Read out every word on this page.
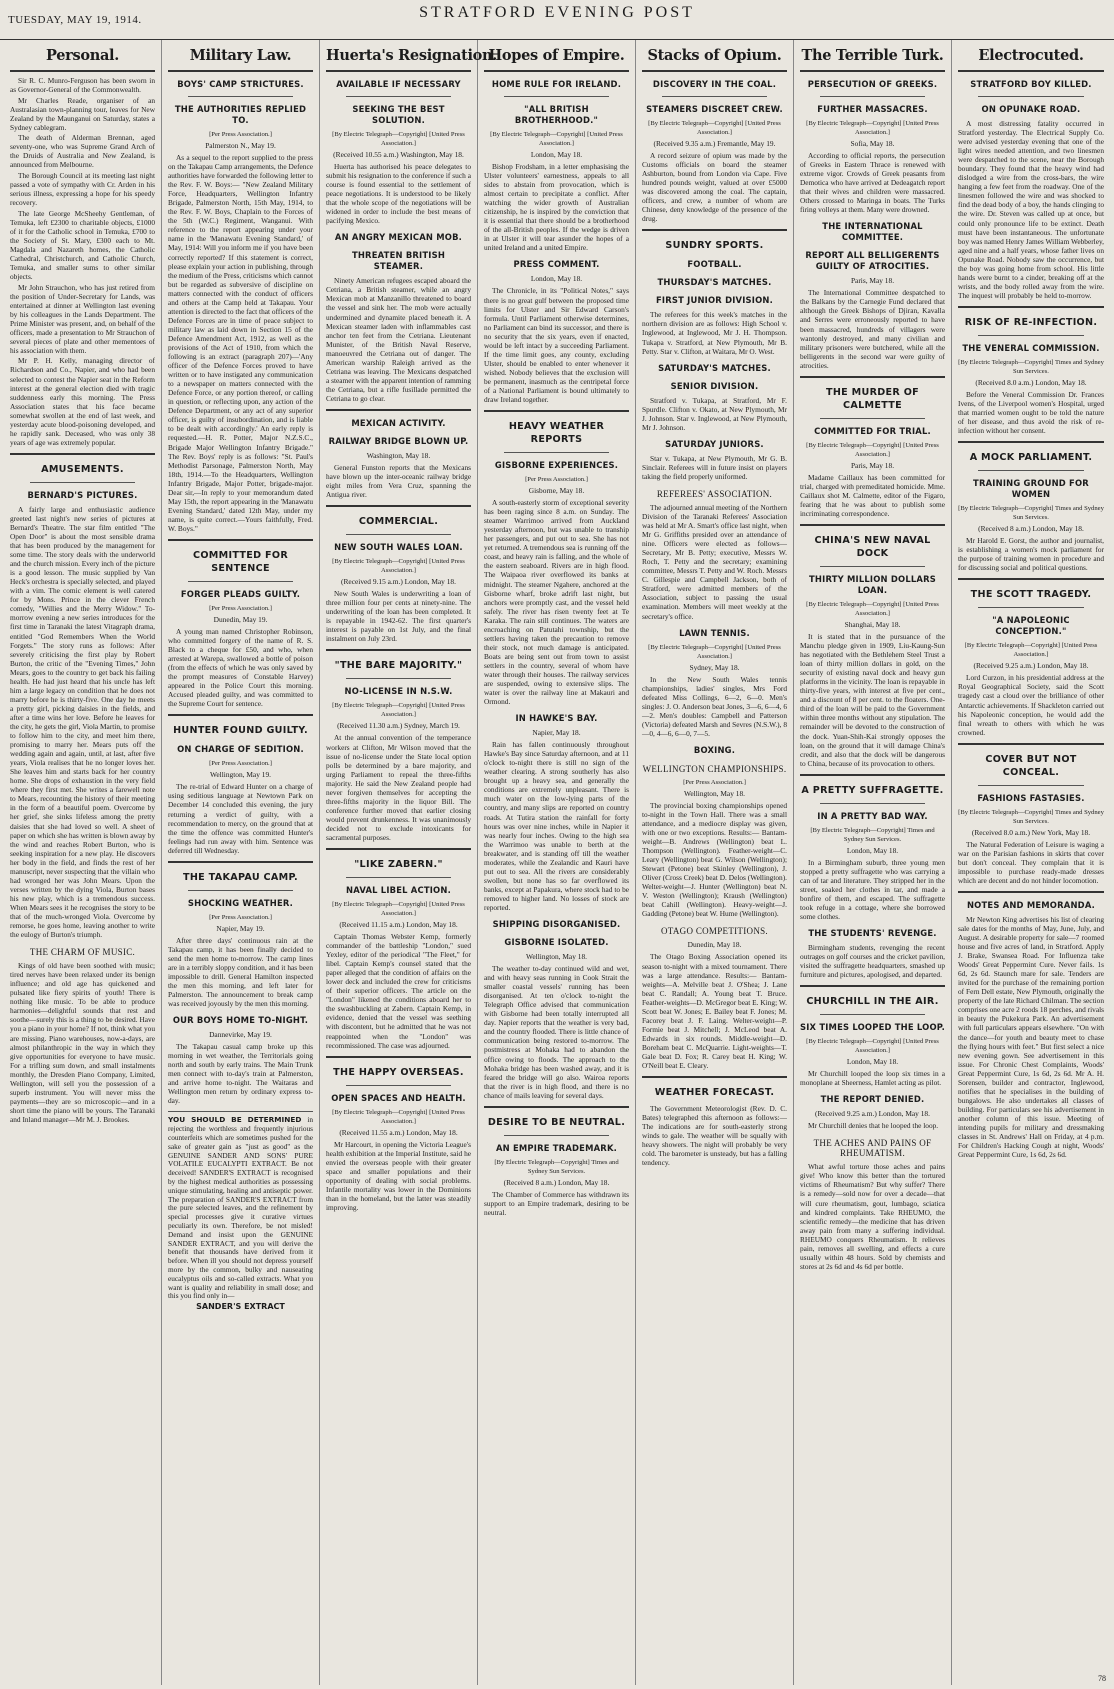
TUESDAY, MAY 19, 1914.	STRATFORD EVENING POST
Personal.

Sir R. C. Munro-Ferguson has been sworn in as Governor-General of the Commonwealth.

Mr Charles Reade, organiser of an Australasian town-planning tour, leaves for New Zealand by the Maunganui on Saturday, states a Sydney cablegram.

The death of Alderman Brennan, aged seventy-one, who was Supreme Grand Arch of the Druids of Australia and New Zealand, is announced from Melbourne.

The Borough Council at its meeting last night passed a vote of sympathy with Cr. Arden in his serious illness, expressing a hope for his speedy recovery.

The late George McSheehy Gentleman, of Temuka, left £2300 to charitable objects, £1000 of it for the Catholic school in Temuka, £700 to the Society of St. Mary, £300 each to Mt. Magdala and Nazareth homes, the Catholic Cathedral, Christchurch, and Catholic Church, Temuka, and smaller sums to other similar objects.

Mr John Strauchon, who has just retired from the position of Under-Secretary for Lands, was entertained at dinner at Wellington last evening by his colleagues in the Lands Department. The Prime Minister was present, and, on behalf of the officers, made a presentation to Mr Strauchon of several pieces of plate and other mementoes of his association with them.

Mr P. H. Kelly, managing director of Richardson and Co., Napier, and who had been selected to contest the Napier seat in the Reform interest at the general election died with tragic suddenness early this morning. The Press Association states that his face became somewhat swollen at the end of last week, and yesterday acute blood-poisoning developed, and he rapidly sank. Deceased, who was only 38 years of age was extremely popular.

AMUSEMENTS.
BERNARD'S PICTURES.

A fairly large and enthusiastic audience greeted last night's new series of pictures at Bernard's Theatre. The star film entitled "The Open Door" is about the most sensible drama that has been produced by the management for some time. The story deals with the underworld and the church mission. Every inch of the picture is a good lesson. The music supplied by Van Heck's orchestra is specially selected, and played with a vim. The comic element is well catered for by Mons. Prince in the clever French comedy, "Willies and the Merry Widow." To-morrow evening a new series introduces for the first time in Taranaki the latest Vitagraph drama, entitled "God Remembers When the World Forgets." The story runs as follows: After severely criticising the first play by Robert Burton, the critic of the "Evening Times," John Mears, goes to the country to get back his failing health. He had just heard that his uncle has left him a large legacy on condition that he does not marry before he is thirty-five. One day he meets a pretty girl, picking daisies in the fields, and after a time wins her love. Before he leaves for the city, he gets the girl, Viola Martin, to promise to follow him to the city, and meet him there, promising to marry her. Mears puts off the wedding again and again, until, at last, after five years, Viola realises that he no longer loves her. She leaves him and starts back for her country home. She drops of exhaustion in the very field where they first met. She writes a farewell note to Mears, recounting the history of their meeting in the form of a beautiful poem. Overcome by her grief, she sinks lifeless among the pretty daisies that she had loved so well. A sheet of paper on which she has written is blown away by the wind and reaches Robert Burton, who is seeking inspiration for a new play. He discovers her body in the field, and finds the rest of her manuscript, never suspecting that the villain who had wronged her was John Mears. Upon the verses written by the dying Viola, Burton bases his new play, which is a tremendous success. When Mears sees it he recognises the story to be that of the much-wronged Viola. Overcome by remorse, he goes home, leaving another to write the eulogy of Burton's triumph.

THE CHARM OF MUSIC.

Kings of old have been soothed with music; tired nerves have been relaxed under its benign influence; and old age has quickened and pulsated like fiery spirits of youth! There is nothing like music. To be able to produce harmonies—delightful sounds that rest and soothe—surely this is a thing to be desired. Have you a piano in your home? If not, think what you are missing. Piano warehouses, now-a-days, are almost philanthropic in the way in which they give opportunities for everyone to have music. For a trifling sum down, and small instalments monthly, the Dresden Piano Company, Limited, Wellington, will sell you the possession of a superb instrument. You will never miss the payments—they are so microscopic—and in a short time the piano will be yours. The Taranaki and Inland manager—Mr M. J. Brookes.

Military Law.
BOYS' CAMP STRICTURES.
THE AUTHORITIES REPLIED TO.
[Per Press Association.]
Palmerston N., May 19.

As a sequel to the report supplied to the press on the Takapau Camp arrangements, the Defence authorities have forwarded the following letter to the Rev. F. W. Boys:— "New Zealand Military Force, Headquarters, Wellington Infantry Brigade, Palmerston North, 15th May, 1914, to the Rev. F. W. Boys, Chaplain to the Forces of the 5th (W.C.) Regiment, Wanganui. With reference to the report appearing under your name in the 'Manawatu Evening Standard,' of May, 1914: Will you inform me if you have been correctly reported? If this statement is correct, please explain your action in publishing, through the medium of the Press, criticisms which cannot but be regarded as subversive of discipline on matters connected with the conduct of officers and others at the Camp held at Takapau. Your attention is directed to the fact that officers of the Defence Forces are in time of peace subject to military law as laid down in Section 15 of the Defence Amendment Act, 1912, as well as the provisions of the Act of 1910, from which the following is an extract (paragraph 207)—'Any officer of the Defence Forces proved to have written or to have instigated any communication to a newspaper on matters connected with the Defence Force, or any portion thereof, or calling in question, or reflecting upon, any action of the Defence Department, or any act of any superior officer, is guilty of insubordination, and is liable to be dealt with accordingly.' An early reply is requested.—H. R. Potter, Major N.Z.S.C., Brigade Major Wellington Infantry Brigade." The Rev. Boys' reply is as follows: "St. Paul's Methodist Parsonage, Palmerston North, May 18th, 1914.—To the Headquarters, Wellington Infantry Brigade, Major Potter, brigade-major. Dear sir,—In reply to your memorandum dated May 15th, the report appearing in the 'Manawatu Evening Standard,' dated 12th May, under my name, is quite correct.—Yours faithfully, Fred. W. Boys."

COMMITTED FOR SENTENCE
FORGER PLEADS GUILTY.
[Per Press Association.]
Dunedin, May 19.

A young man named Christopher Robinson, who committed forgery of the name of R. S. Black to a cheque for £50, and who, when arrested at Warepa, swallowed a bottle of poison (from the effects of which he was only saved by the prompt measures of Constable Harvey) appeared in the Police Court this morning. Accused pleaded guilty, and was committed to the Supreme Court for sentence.

HUNTER FOUND GUILTY.
ON CHARGE OF SEDITION.
[Per Press Association.]
Wellington, May 19.

The re-trial of Edward Hunter on a charge of using seditious language at Newtown Park on December 14 concluded this evening, the jury returning a verdict of guilty, with a recommendation to mercy, on the ground that at the time the offence was committed Hunter's feelings had run away with him. Sentence was deferred till Wednesday.

THE TAKAPAU CAMP.
SHOCKING WEATHER.
[Per Press Association.]
Napier, May 19.

After three days' continuous rain at the Takapau camp, it has been finally decided to send the men home to-morrow. The camp lines are in a terribly sloppy condition, and it has been impossible to drill. General Hamilton inspected the men this morning, and left later for Palmerston. The announcement to break camp was received joyously by the men this morning.

OUR BOYS HOME TO-NIGHT.
Dannevirke, May 19.

The Takapau casual camp broke up this morning in wet weather, the Territorials going north and south by early trains. The Main Trunk men connect with to-day's train at Palmerston, and arrive home to-night. The Waitaras and Wellington men return by ordinary express to-day.

YOU SHOULD BE DETERMINED in rejecting the worthless and frequently injurious counterfeits which are sometimes pushed for the sake of greater gain as "just as good" as the GENUINE SANDER AND SONS' PURE VOLATILE EUCALYPTI EXTRACT. Be not deceived! SANDER'S EXTRACT is recognised by the highest medical authorities as possessing unique stimulating, healing and antiseptic power. The preparation of SANDER'S EXTRACT from the pure selected leaves, and the refinement by special processes give it curative virtues peculiarly its own. Therefore, be not misled! Demand and insist upon the GENUINE SANDER EXTRACT, and you will derive the benefit that thousands have derived from it before. When ill you should not depress yourself more by the common, bulky and nauseating eucalyptus oils and so-called extracts. What you want is quality and reliability in small dose; and this you find only in—
SANDER'S EXTRACT
Huerta's Resignation.
AVAILABLE IF NECESSARY
SEEKING THE BEST SOLUTION.
[By Electric Telegraph—Copyright] [United Press Association.]
(Received 10.55 a.m.) Washington, May 18.

Huerta has authorised his peace delegates to submit his resignation to the conference if such a course is found essential to the settlement of peace negotiations. It is understood to be likely that the whole scope of the negotiations will be widened in order to include the best means of pacifying Mexico.

AN ANGRY MEXICAN MOB.
THREATEN BRITISH STEAMER.

Ninety American refugees escaped aboard the Cetriana, a British steamer, while an angry Mexican mob at Manzanillo threatened to board the vessel and sink her. The mob were actually undermined and dynamite placed beneath it. A Mexican steamer laden with inflammables cast anchor ten feet from the Cetriana. Lieutenant Munister, of the British Naval Reserve, manoeuvred the Cetriana out of danger. The American warship Raleigh arrived as the Cetriana was leaving. The Mexicans despatched a steamer with the apparent intention of ramming the Cetriana, but a rifle fusillade permitted the Cetriana to go clear.

MEXICAN ACTIVITY.
RAILWAY BRIDGE BLOWN UP.
Washington, May 18.

General Funston reports that the Mexicans have blown up the inter-oceanic railway bridge eight miles from Vera Cruz, spanning the Antigua river.

COMMERCIAL.
NEW SOUTH WALES LOAN.
[By Electric Telegraph—Copyright] [United Press Association.]
(Received 9.15 a.m.) London, May 18.

New South Wales is underwriting a loan of three million four per cents at ninety-nine. The underwriting of the loan has been completed. It is repayable in 1942-62. The first quarter's interest is payable on 1st July, and the final instalment on July 23rd.

"THE BARE MAJORITY."
NO-LICENSE IN N.S.W.
[By Electric Telegraph—Copyright] [United Press Association.]
(Received 11.30 a.m.) Sydney, March 19.

At the annual convention of the temperance workers at Clifton, Mr Wilson moved that the issue of no-license under the State local option polls be determined by a bare majority, and urging Parliament to repeal the three-fifths majority. He said the New Zealand people had never forgiven themselves for accepting the three-fifths majority in the liquor Bill. The conference further moved that earlier closing would prevent drunkenness. It was unanimously decided not to exclude intoxicants for sacramental purposes.

"LIKE ZABERN."
NAVAL LIBEL ACTION.
[By Electric Telegraph—Copyright] [United Press Association.]
(Received 11.15 a.m.) London, May 18.

Captain Thomas Webster Kemp, formerly commander of the battleship "London," sued Yexley, editor of the periodical "The Fleet," for libel. Captain Kemp's counsel stated that the paper alleged that the condition of affairs on the lower deck and included the crew for criticisms of their superior officers. The article on the "London" likened the conditions aboard her to the swashbuckling at Zabern. Captain Kemp, in evidence, denied that the vessel was seething with discontent, but he admitted that he was not reappointed when the "London" was recommissioned. The case was adjourned.

THE HAPPY OVERSEAS.
OPEN SPACES AND HEALTH.
[By Electric Telegraph—Copyright] [United Press Association.]
(Received 11.55 a.m.) London, May 18.

Mr Harcourt, in opening the Victoria League's health exhibition at the Imperial Institute, said he envied the overseas people with their greater space and smaller populations and their opportunity of dealing with social problems. Infantile mortality was lower in the Dominions than in the homeland, but the latter was steadily improving.

Hopes of Empire.
HOME RULE FOR IRELAND.
"ALL BRITISH BROTHERHOOD."
[By Electric Telegraph—Copyright] [United Press Association.]
London, May 18.

Bishop Frodsham, in a letter emphasising the Ulster volunteers' earnestness, appeals to all sides to abstain from provocation, which is almost certain to precipitate a conflict. After watching the wider growth of Australian citizenship, he is inspired by the conviction that it is essential that there should be a brotherhood of the all-British peoples. If the wedge is driven in at Ulster it will tear asunder the hopes of a united Ireland and a united Empire.

PRESS COMMENT.
London, May 18.

The Chronicle, in its "Political Notes," says there is no great gulf between the proposed time limits for Ulster and Sir Edward Carson's formula. Until Parliament otherwise determines, no Parliament can bind its successor, and there is no security that the six years, even if enacted, would be left intact by a succeeding Parliament. If the time limit goes, any county, excluding Ulster, should be enabled to enter whenever it wished. Nobody believes that the exclusion will be permanent, inasmuch as the centripetal force of a National Parliament is bound ultimately to draw Ireland together.

HEAVY WEATHER REPORTS
GISBORNE EXPERIENCES.
[Per Press Association.]
Gisborne, May 18.

A south-easterly storm of exceptional severity has been raging since 8 a.m. on Sunday. The steamer Warrimoo arrived from Auckland yesterday afternoon, but was unable to tranship her passengers, and put out to sea. She has not yet returned. A tremendous sea is running off the coast, and heavy rain is falling, and the whole of the eastern seaboard. Rivers are in high flood. The Waipaoa river overflowed its banks at midnight. The steamer Ngahere, anchored at the Gisborne wharf, broke adrift last night, but anchors were promptly cast, and the vessel held safely. The river has risen twenty feet at Te Karaka. The rain still continues. The waters are encroaching on Patutahi township, but the settlers having taken the precaution to remove their stock, not much damage is anticipated. Boats are being sent out from town to assist settlers in the country, several of whom have water through their houses. The railway services are suspended, owing to extensive slips. The water is over the railway line at Makauri and Ormond.

IN HAWKE'S BAY.
Napier, May 18.

Rain has fallen continuously throughout Hawke's Bay since Saturday afternoon, and at 11 o'clock to-night there is still no sign of the weather clearing. A strong southerly has also brought up a heavy sea, and generally the conditions are extremely unpleasant. There is much water on the low-lying parts of the country, and many slips are reported on country roads. At Tutira station the rainfall for forty hours was over nine inches, while in Napier it was nearly four inches. Owing to the high sea the Warrimoo was unable to berth at the breakwater, and is standing off till the weather moderates, while the Zealandic and Kauri have put out to sea. All the rivers are considerably swollen, but none has so far overflowed its banks, except at Papakura, where stock had to be removed to higher land. No losses of stock are reported.

SHIPPING DISORGANISED.
GISBORNE ISOLATED.
Wellington, May 18.

The weather to-day continued wild and wet, and with heavy seas running in Cook Strait the smaller coastal vessels' running has been disorganised. At ten o'clock to-night the Telegraph Office advised that communication with Gisborne had been totally interrupted all day. Napier reports that the weather is very bad, and the country flooded. There is little chance of communication being restored to-morrow. The postmistress at Mohaka had to abandon the office owing to floods. The approach to the Mohaka bridge has been washed away, and it is feared the bridge will go also. Wairoa reports that the river is in high flood, and there is no chance of mails leaving for several days.

DESIRE TO BE NEUTRAL.
AN EMPIRE TRADEMARK.
[By Electric Telegraph—Copyright] Times and Sydney Sun Services.
(Received 8 a.m.) London, May 18.

The Chamber of Commerce has withdrawn its support to an Empire trademark, desiring to be neutral.

Stacks of Opium.
DISCOVERY IN THE COAL.
STEAMERS DISCREET CREW.
[By Electric Telegraph—Copyright] [United Press Association.]
(Received 9.35 a.m.) Fremantle, May 19.

A record seizure of opium was made by the Customs officials on board the steamer Ashburton, bound from London via Cape. Five hundred pounds weight, valued at over £5000 was discovered among the coal. The captain, officers, and crew, a number of whom are Chinese, deny knowledge of the presence of the drug.

SUNDRY SPORTS.
FOOTBALL.
THURSDAY'S MATCHES.
FIRST JUNIOR DIVISION.

The referees for this week's matches in the northern division are as follows: High School v. Inglewood, at Inglewood, Mr J. H. Thompson. Tukapa v. Stratford, at New Plymouth, Mr B. Petty. Star v. Clifton, at Waitara, Mr O. West.

SATURDAY'S MATCHES.
SENIOR DIVISION.

Stratford v. Tukapa, at Stratford, Mr F. Spurdle. Clifton v. Okato, at New Plymouth, Mr J. Johnson. Star v. Inglewood, at New Plymouth, Mr J. Johnson.

SATURDAY JUNIORS.

Star v. Tukapa, at New Plymouth, Mr G. B. Sinclair. Referees will in future insist on players taking the field properly uniformed.

REFEREES' ASSOCIATION.

The adjourned annual meeting of the Northern Division of the Taranaki Referees' Association was held at Mr A. Smart's office last night, when Mr G. Griffiths presided over an attendance of nine. Officers were elected as follows—Secretary, Mr B. Petty; executive, Messrs W. Roch, T. Petty and the secretary; examining committee, Messrs T. Petty and W. Roch. Messrs C. Gillespie and Campbell Jackson, both of Stratford, were admitted members of the Association, subject to passing the usual examination. Members will meet weekly at the secretary's office.

LAWN TENNIS.
[By Electric Telegraph—Copyright] [United Press Association.]
Sydney, May 18.

In the New South Wales tennis championships, ladies' singles, Mrs Ford defeated Miss Collings, 6—2, 6—0. Men's singles: J. O. Anderson beat Jones, 3—6, 6—4, 6—2. Men's doubles: Campbell and Patterson (Victoria) defeated Marsh and Sevres (N.S.W.), 8—0, 4—6, 6—0, 7—5.

BOXING.
WELLINGTON CHAMPIONSHIPS.
[Per Press Association.]
Wellington, May 18.

The provincial boxing championships opened to-night in the Town Hall. There was a small attendance, and a mediocre display was given, with one or two exceptions. Results:— Bantam-weight—B. Andrews (Wellington) beat L. Thompson (Wellington). Feather-weight—C. Leary (Wellington) beat G. Wilson (Wellington); Stewart (Petone) beat Skinley (Wellington), J. Oliver (Cross Creek) beat D. Delos (Wellington). Welter-weight—J. Hunter (Wellington) beat N. V. Weston (Wellington); Kraush (Wellington) beat Cahill (Wellington). Heavy-weight—J. Gadding (Petone) beat W. Hume (Wellington).

OTAGO COMPETITIONS.
Dunedin, May 18.

The Otago Boxing Association opened its season to-night with a mixed tournament. There was a large attendance. Results:— Bantam-weights—A. Melville beat J. O'Shea; J. Lane beat C. Randall; A. Young beat T. Bruce. Feather-weights—D. McGregor beat E. King; W. Scott beat W. Jones; E. Bailey beat F. Jones; M. Facorey beat J. F. Laing. Welter-weight—P. Formie beat J. Mitchell; J. McLeod beat A. Edwards in six rounds. Middle-weight—D. Boreham beat C. McQuarrie. Light-weights—T. Gale beat D. Fox; R. Carey beat H. King; W. O'Neill beat E. Cleary.

WEATHER FORECAST.

The Government Meteorologist (Rev. D. C. Bates) telegraphed this afternoon as follows:— The indications are for south-easterly strong winds to gale. The weather will be squally with heavy showers. The night will probably be very cold. The barometer is unsteady, but has a falling tendency.

The Terrible Turk.
PERSECUTION OF GREEKS.
FURTHER MASSACRES.
[By Electric Telegraph—Copyright] [United Press Association.]
Sofia, May 18.

According to official reports, the persecution of Greeks in Eastern Thrace is renewed with extreme vigor. Crowds of Greek peasants from Demotica who have arrived at Dedeagatch report that their wives and children were massacred. Others crossed to Maringa in boats. The Turks firing volleys at them. Many were drowned.

THE INTERNATIONAL COMMITTEE.
REPORT ALL BELLIGERENTS GUILTY OF ATROCITIES.
Paris, May 18.

The International Committee despatched to the Balkans by the Carnegie Fund declared that although the Greek Bishops of Djiran, Kavalla and Serres were erroneously reported to have been massacred, hundreds of villagers were wantonly destroyed, and many civilian and military prisoners were butchered, while all the belligerents in the second war were guilty of atrocities.

THE MURDER OF CALMETTE
COMMITTED FOR TRIAL.
[By Electric Telegraph—Copyright] [United Press Association.]
Paris, May 18.

Madame Caillaux has been committed for trial, charged with premeditated homicide. Mme. Caillaux shot M. Calmette, editor of the Figaro, fearing that he was about to publish some incriminating correspondence.

CHINA'S NEW NAVAL DOCK
THIRTY MILLION DOLLARS LOAN.
[By Electric Telegraph—Copyright] [United Press Association.]
Shanghai, May 18.

It is stated that in the pursuance of the Manchu pledge given in 1909, Liu-Kaung-Sun has negotiated with the Bethlehem Steel Trust a loan of thirty million dollars in gold, on the security of existing naval dock and heavy gun platforms in the vicinity. The loan is repayable in thirty-five years, with interest at five per cent., and a discount of 8 per cent. to the floaters. One-third of the loan will be paid to the Government within three months without any stipulation. The remainder will be devoted to the construction of the dock. Yuan-Shih-Kai strongly opposes the loan, on the ground that it will damage China's credit, and also that the dock will be dangerous to China, because of its provocation to others.

A PRETTY SUFFRAGETTE.
IN A PRETTY BAD WAY.
[By Electric Telegraph—Copyright] Times and Sydney Sun Services.
London, May 18.

In a Birmingham suburb, three young men stopped a pretty suffragette who was carrying a can of tar and literature. They stripped her in the street, soaked her clothes in tar, and made a bonfire of them, and escaped. The suffragette took refuge in a cottage, where she borrowed some clothes.

THE STUDENTS' REVENGE.

Birmingham students, revenging the recent outrages on golf courses and the cricket pavilion, visited the suffragette headquarters, smashed up furniture and pictures, apologised, and departed.

CHURCHILL IN THE AIR.
SIX TIMES LOOPED THE LOOP.
[By Electric Telegraph—Copyright] [United Press Association.]
London, May 18.

Mr Churchill looped the loop six times in a monoplane at Sheerness, Hamlet acting as pilot.

THE REPORT DENIED.
(Received 9.25 a.m.) London, May 18.

Mr Churchill denies that he looped the loop.

THE ACHES AND PAINS OF RHEUMATISM.

What awful torture those aches and pains give! Who know this better than the tortured victims of Rheumatism? But why suffer? There is a remedy—sold now for over a decade—that will cure rheumatism, gout, lumbago, sciatica and kindred complaints. Take RHEUMO, the scientific remedy—the medicine that has driven away pain from many a suffering individual. RHEUMO conquers Rheumatism. It relieves pain, removes all swelling, and effects a cure usually within 48 hours. Sold by chemists and stores at 2s 6d and 4s 6d per bottle.

Electrocuted.
STRATFORD BOY KILLED.
ON OPUNAKE ROAD.

A most distressing fatality occurred in Stratford yesterday. The Electrical Supply Co. were advised yesterday evening that one of the light wires needed attention, and two linesmen were despatched to the scene, near the Borough boundary. They found that the heavy wind had dislodged a wire from the cross-bars, the wire hanging a few feet from the roadway. One of the linesmen followed the wire and was shocked to find the dead body of a boy, the hands clinging to the wire. Dr. Steven was called up at once, but could only pronounce life to be extinct. Death must have been instantaneous. The unfortunate boy was named Henry James William Webberley, aged nine and a half years, whose father lives on Opunake Road. Nobody saw the occurrence, but the boy was going home from school. His little hands were burnt to a cinder, breaking off at the wrists, and the body rolled away from the wire. The inquest will probably be held to-morrow.

RISK OF RE-INFECTION.
THE VENERAL COMMISSION.
[By Electric Telegraph—Copyright] Times and Sydney Sun Services.
(Received 8.0 a.m.) London, May 18.

Before the Veneral Commission Dr. Frances Ivens, of the Liverpool women's Hospital, urged that married women ought to be told the nature of her disease, and thus avoid the risk of re-infection without her consent.

A MOCK PARLIAMENT.
TRAINING GROUND FOR WOMEN
[By Electric Telegraph—Copyright] Times and Sydney Sun Services.
(Received 8 a.m.) London, May 18.

Mr Harold E. Gorst, the author and journalist, is establishing a women's mock parliament for the purpose of training women in procedure and for discussing social and political questions.

THE SCOTT TRAGEDY.
"A NAPOLEONIC CONCEPTION."
[By Electric Telegraph—Copyright] [United Press Association.]
(Received 9.25 a.m.) London, May 18.

Lord Curzon, in his presidential address at the Royal Geographical Society, said the Scott tragedy cast a cloud over the brilliance of other Antarctic achievements. If Shackleton carried out his Napoleonic conception, he would add the final wreath to others with which he was crowned.

COVER BUT NOT CONCEAL.
FASHIONS FASTASIES.
[By Electric Telegraph—Copyright] Times and Sydney Sun Services.
(Received 8.0 a.m.) New York, May 18.

The Natural Federation of Leisure is waging a war on the Parisian fashions in skirts that cover but don't conceal. They complain that it is impossible to purchase ready-made dresses which are decent and do not hinder locomotion.

NOTES AND MEMORANDA.

Mr Newton King advertises his list of clearing sale dates for the months of May, June, July, and August. A desirable property for sale—7 roomed house and five acres of land, in Stratford. Apply J. Brake, Swansea Road. For Influenza take Woods' Great Peppermint Cure. Never fails. 1s 6d, 2s 6d. Staunch mare for sale. Tenders are invited for the purchase of the remaining portion of Fern Dell estate, New Plymouth, originally the property of the late Richard Chilman. The section comprises one acre 2 roods 18 perches, and rivals in beauty the Pukekura Park. An advertisement with full particulars appears elsewhere. "On with the dance—for youth and beauty meet to chase the flying hours with feet." But first select a nice new evening gown. See advertisement in this issue. For Chronic Chest Complaints, Woods' Great Peppermint Cure, 1s 6d, 2s 6d. Mr A. H. Sorensen, builder and contractor, Inglewood, notifies that he specialises in the building of bungalows. He also undertakes all classes of building. For particulars see his advertisement in another column of this issue. Meeting of intending pupils for military and dressmaking classes in St. Andrews' Hall on Friday, at 4 p.m. For Children's Hacking Cough at night, Woods' Great Peppermint Cure, 1s 6d, 2s 6d.

78
